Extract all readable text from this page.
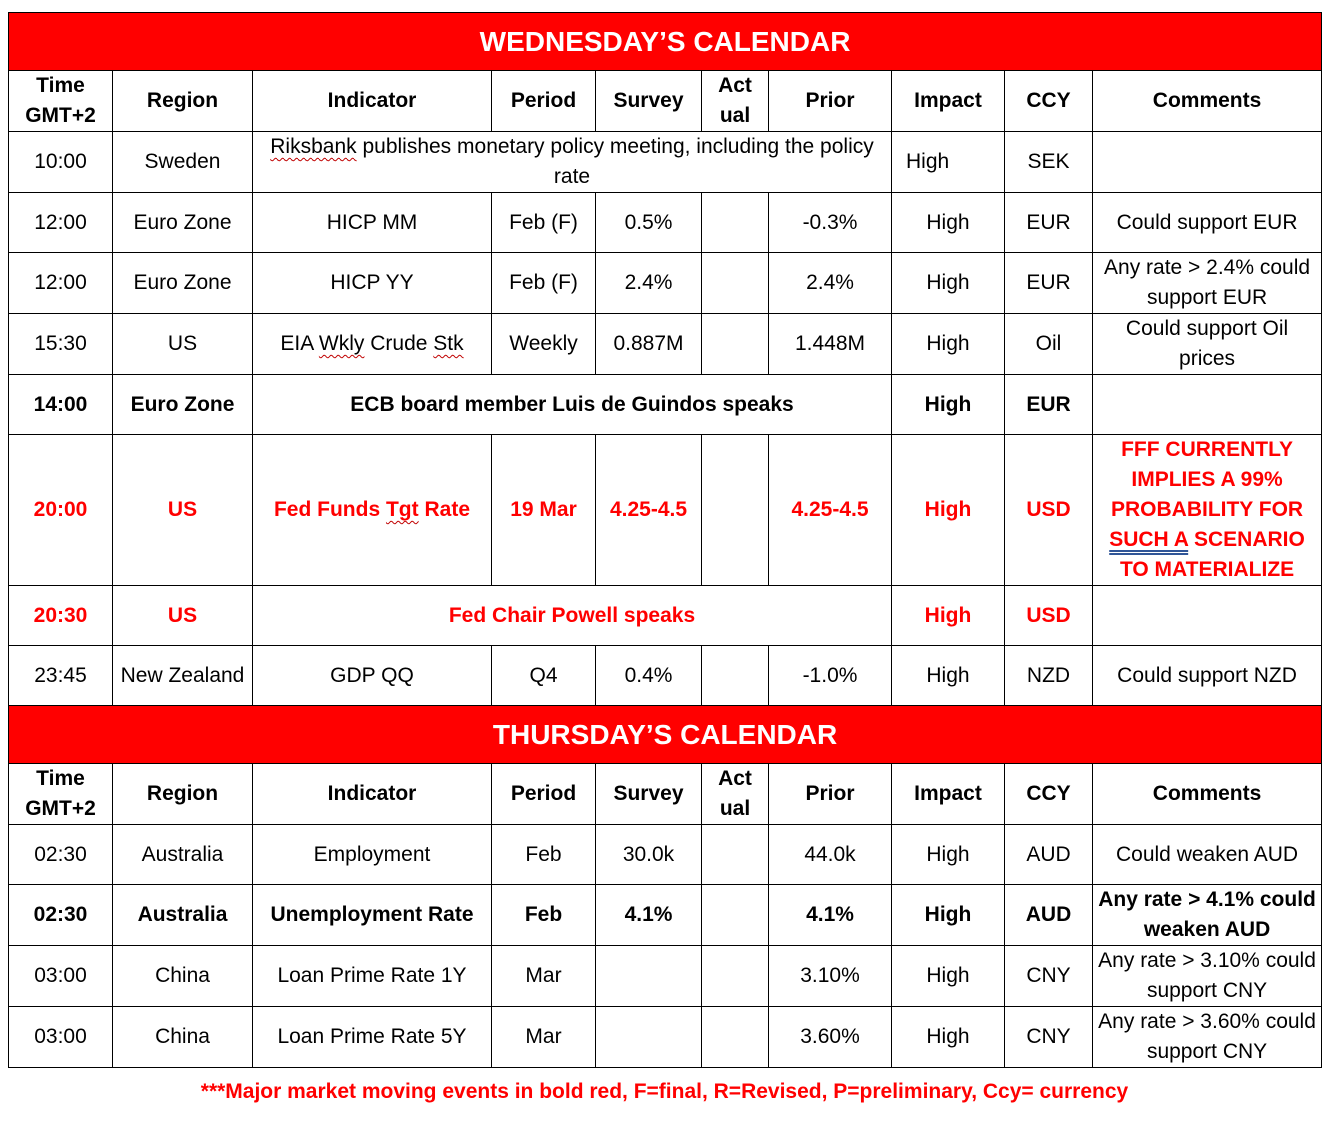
WEDNESDAY’S CALENDAR									
Time GMT+2	Region	Indicator	Period	Survey	Act ual	Prior	Impact	CCY	Comments
10:00	Sweden	Riksbank publishes monetary policy meeting, including the policy rate					High	SEK	
12:00	Euro Zone	HICP MM	Feb (F)	0.5%		-0.3%	High	EUR	Could support EUR
12:00	Euro Zone	HICP YY	Feb (F)	2.4%		2.4%	High	EUR	Any rate > 2.4% could support EUR
15:30	US	EIA Wkly Crude Stk	Weekly	0.887M		1.448M	High	Oil	Could support Oil prices
14:00	Euro Zone	ECB board member Luis de Guindos speaks					High	EUR	
20:00	US	Fed Funds Tgt Rate	19 Mar	4.25-4.5		4.25-4.5	High	USD	FFF CURRENTLY IMPLIES A 99% PROBABILITY FOR SUCH A SCENARIO TO MATERIALIZE
20:30	US	Fed Chair Powell speaks					High	USD	
23:45	New Zealand	GDP QQ	Q4	0.4%		-1.0%	High	NZD	Could support NZD
THURSDAY’S CALENDAR									
Time GMT+2	Region	Indicator	Period	Survey	Act ual	Prior	Impact	CCY	Comments
02:30	Australia	Employment	Feb	30.0k		44.0k	High	AUD	Could weaken AUD
02:30	Australia	Unemployment Rate	Feb	4.1%		4.1%	High	AUD	Any rate > 4.1% could weaken AUD
03:00	China	Loan Prime Rate 1Y	Mar			3.10%	High	CNY	Any rate > 3.10% could support CNY
03:00	China	Loan Prime Rate 5Y	Mar			3.60%	High	CNY	Any rate > 3.60% could support CNY
***Major market moving events in bold red, F=final, R=Revised, P=preliminary, Ccy= currency
